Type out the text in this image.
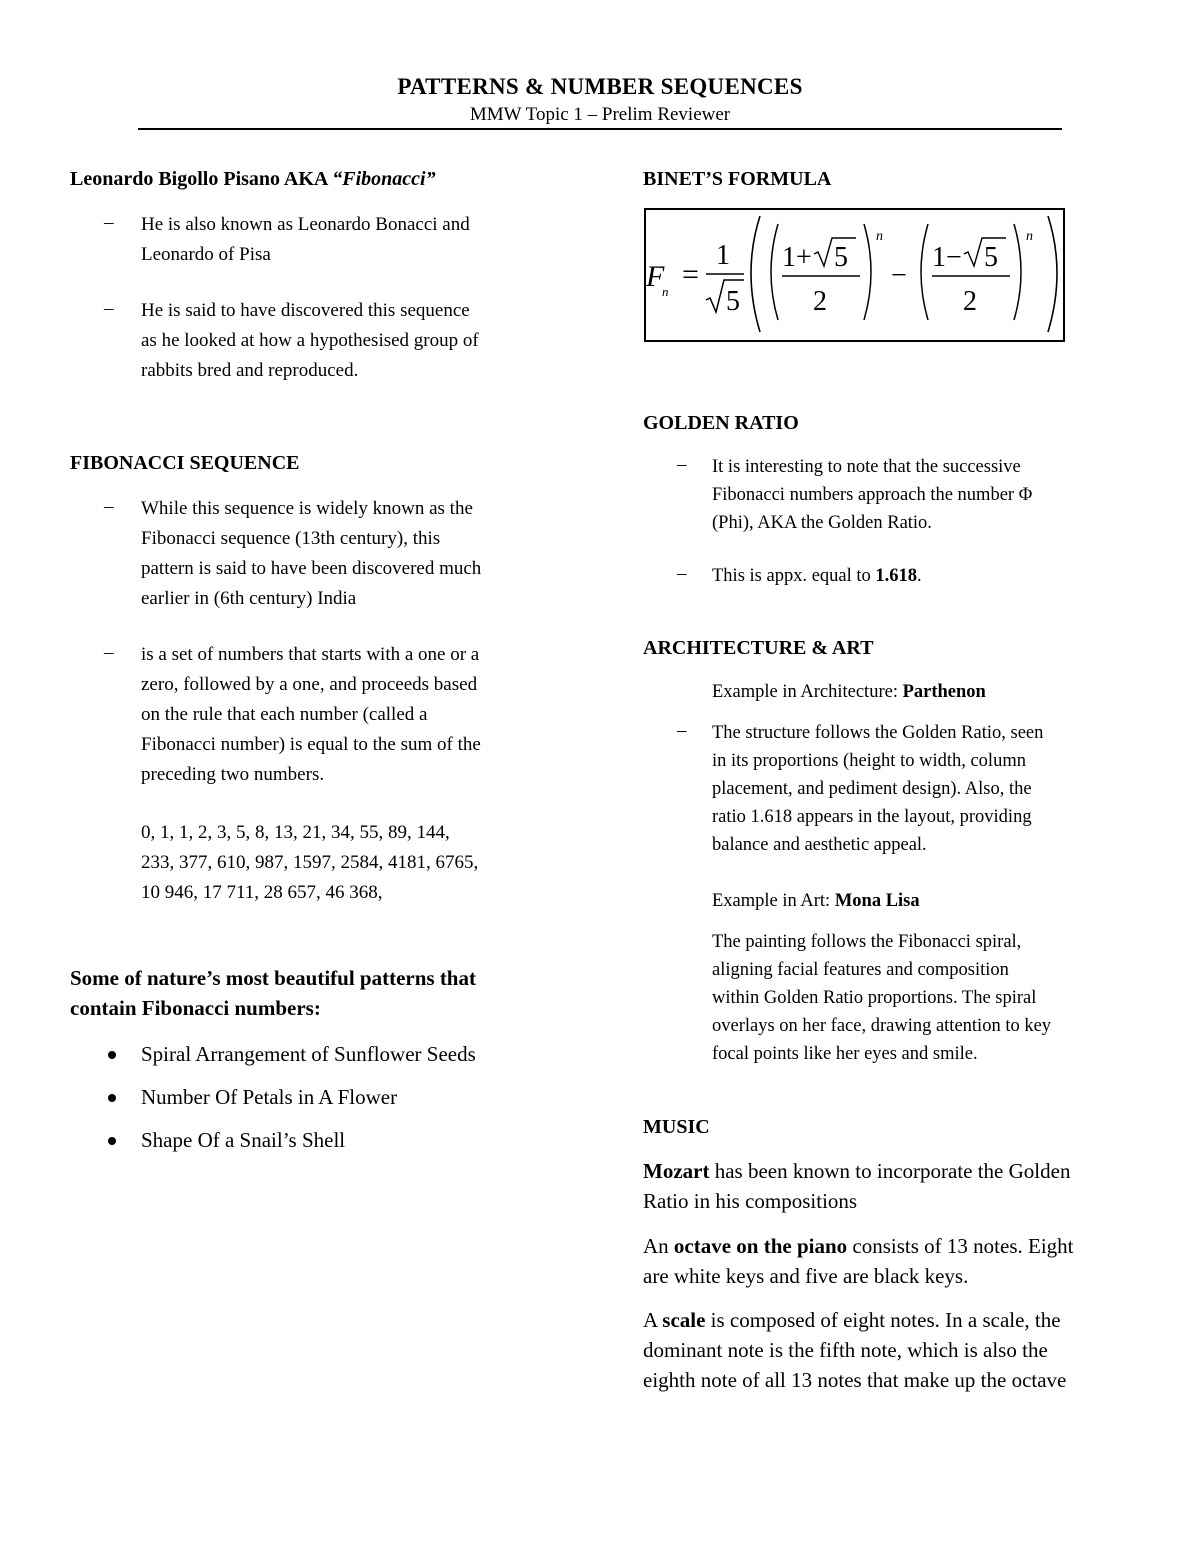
PATTERNS & NUMBER SEQUENCES
MMW Topic 1 – Prelim Reviewer
Leonardo Bigollo Pisano AKA “Fibonacci”
– He is also known as Leonardo Bonacci and
Leonardo of Pisa
– He is said to have discovered this sequence
as he looked at how a hypothesised group of
rabbits bred and reproduced.
FIBONACCI SEQUENCE
– While this sequence is widely known as the
Fibonacci sequence (13th century), this
pattern is said to have been discovered much
earlier in (6th century) India
– is a set of numbers that starts with a one or a
zero, followed by a one, and proceeds based
on the rule that each number (called a
Fibonacci number) is equal to the sum of the
preceding two numbers.
0, 1, 1, 2, 3, 5, 8, 13, 21, 34, 55, 89, 144,
233, 377, 610, 987, 1597, 2584, 4181, 6765,
10 946, 17 711, 28 657, 46 368,
Some of nature’s most beautiful patterns that
contain Fibonacci numbers:
Spiral Arrangement of Sunflower Seeds
Number Of Petals in A Flower
Shape Of a Snail’s Shell
BINET’S FORMULA
GOLDEN RATIO
– It is interesting to note that the successive
Fibonacci numbers approach the number Φ
(Phi), AKA the Golden Ratio.
– This is appx. equal to 1.618.
ARCHITECTURE & ART
Example in Architecture: Parthenon
– The structure follows the Golden Ratio, seen
in its proportions (height to width, column
placement, and pediment design). Also, the
ratio 1.618 appears in the layout, providing
balance and aesthetic appeal.
Example in Art: Mona Lisa
The painting follows the Fibonacci spiral,
aligning facial features and composition
within Golden Ratio proportions. The spiral
overlays on her face, drawing attention to key
focal points like her eyes and smile.
MUSIC
Mozart has been known to incorporate the Golden
Ratio in his compositions
An octave on the piano consists of 13 notes. Eight
are white keys and five are black keys.
A scale is composed of eight notes. In a scale, the
dominant note is the fifth note, which is also the
eighth note of all 13 notes that make up the octave
F
n
=
1
5
1+ 5
2
n
−
1− 5
2
n
